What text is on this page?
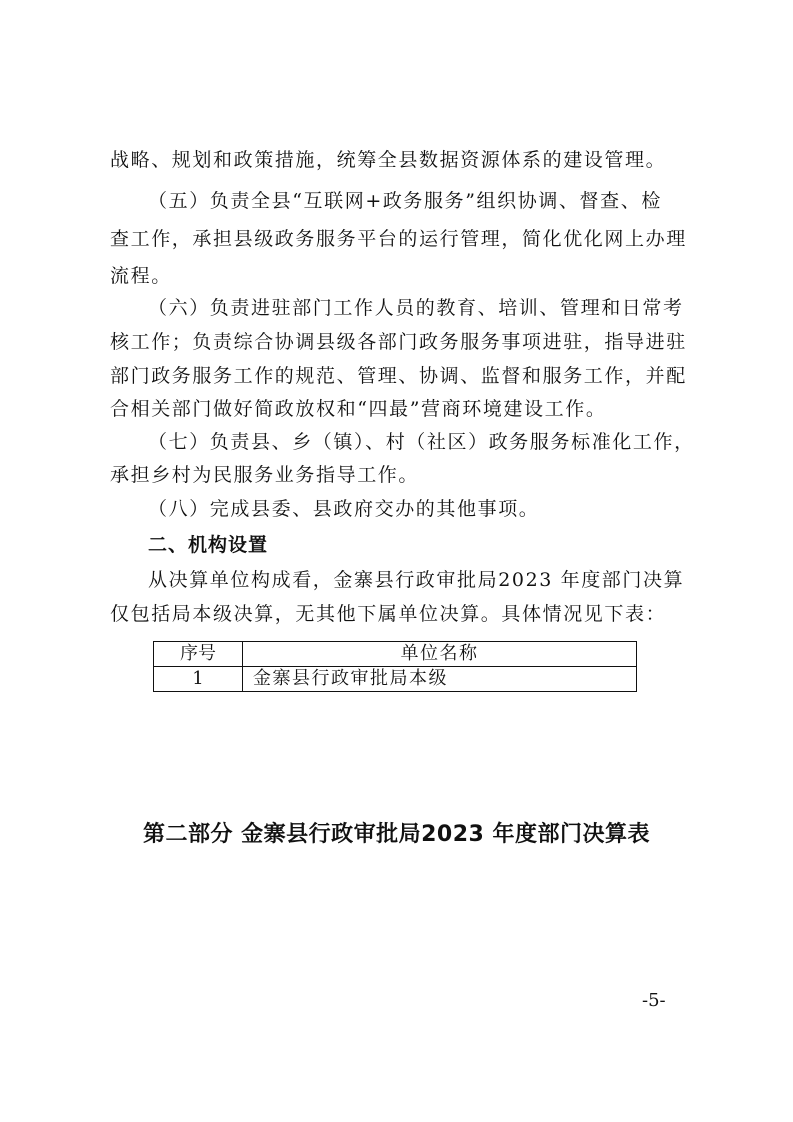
战略、规划和政策措施，统筹全县数据资源体系的建设管理。
（五）负责全县“互联网+政务服务”组织协调、督查、检
查工作，承担县级政务服务平台的运行管理，简化优化网上办理
流程。
（六）负责进驻部门工作人员的教育、培训、管理和日常考
核工作；负责综合协调县级各部门政务服务事项进驻，指导进驻
部门政务服务工作的规范、管理、协调、监督和服务工作，并配
合相关部门做好简政放权和“四最”营商环境建设工作。
（七）负责县、乡（镇）、村（社区）政务服务标准化工作，
承担乡村为民服务业务指导工作。
（八）完成县委、县政府交办的其他事项。
二、机构设置
从决算单位构成看，金寨县行政审批局2023 年度部门决算
仅包括局本级决算，无其他下属单位决算。具体情况见下表：
序号	单位名称
1	金寨县行政审批局本级
第二部分 金寨县行政审批局2023 年度部门决算表
-5-
